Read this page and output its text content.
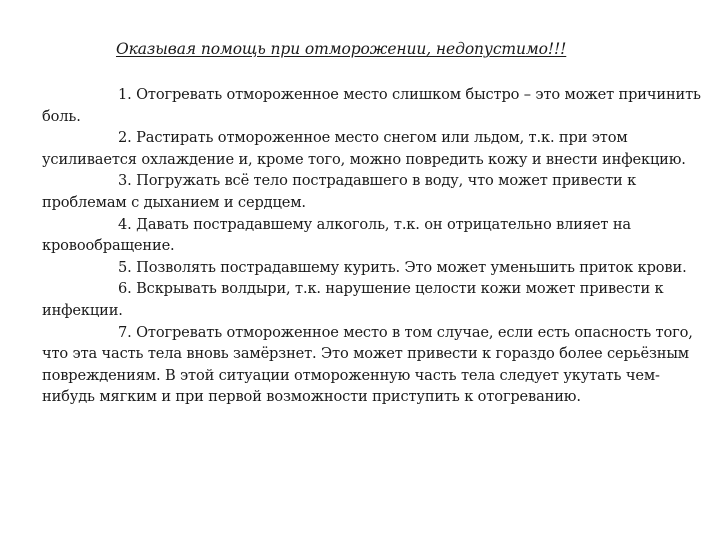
Оказывая помощь при отморожении, недопустимо!!!

1. Отогревать отмороженное место слишком быстро – это может причинить боль.

2. Растирать отмороженное место снегом или льдом, т.к. при этом усиливается охлаждение и, кроме того, можно повредить кожу и внести инфекцию.

3. Погружать всё тело пострадавшего в воду, что может привести к проблемам с дыханием и сердцем.

4. Давать пострадавшему алкоголь, т.к. он отрицательно влияет на кровообращение.

5. Позволять пострадавшему курить. Это может уменьшить приток крови.

6. Вскрывать волдыри, т.к. нарушение целости кожи может привести к инфекции.

7. Отогревать отмороженное место в том случае, если есть опасность того, что эта часть тела вновь замёрзнет. Это может привести к гораздо более серьёзным повреждениям. В этой ситуации отмороженную часть тела следует укутать чем-нибудь мягким и при первой возможности приступить к отогреванию.
